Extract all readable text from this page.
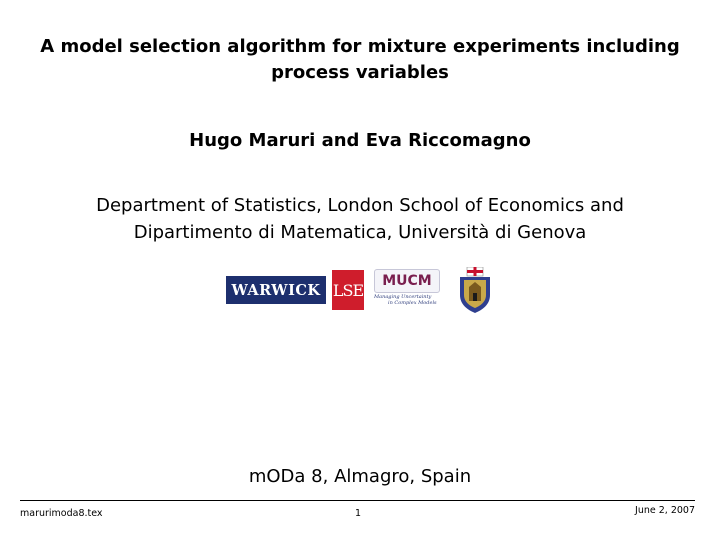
A model selection algorithm for mixture experiments including process variables
Hugo Maruri and Eva Riccomagno
Department of Statistics, London School of Economics and
Dipartimento di Matematica, Università di Genova
WARWICK LSE	MUCM
Managing Uncertainty
in Complex Models
mODa 8, Almagro, Spain
marurimoda8.tex	1	June 2, 2007
